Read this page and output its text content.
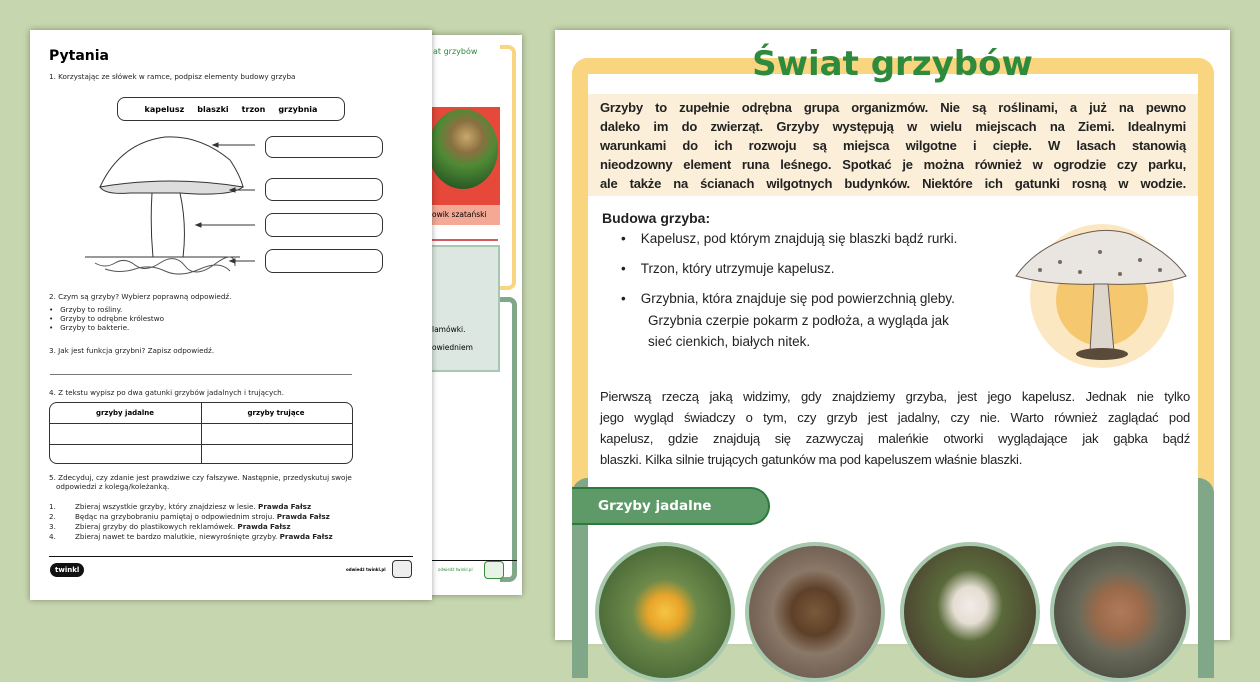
Pytania
1. Korzystając ze słówek w ramce, podpisz elementy budowy grzyba
kapelusz blaszki trzon grzybnia
2. Czym są grzyby? Wybierz poprawną odpowiedź.
•   Grzyby to rośliny.
•   Grzyby to odrębne królestwo
•   Grzyby to bakterie.
3. Jak jest funkcja grzybni? Zapisz odpowiedź.
4. Z tekstu wypisz po dwa gatunki grzybów jadalnych i trujących.
grzyby jadalne	grzyby trujące
5. Zdecyduj, czy zdanie jest prawdziwe czy fałszywe. Następnie, przedyskutuj swoje
odpowiedzi z kolegą/koleżanką.
1.	Zbieraj wszystkie grzyby, który znajdziesz w lesie. Prawda Fałsz
2.	Będąc na grzybobraniu pamiętaj o odpowiednim stroju. Prawda Fałsz
3.	Zbieraj grzyby do plastikowych reklamówek. Prawda Fałsz
4.	Zbieraj nawet te bardzo malutkie, niewyrośnięte grzyby. Prawda Fałsz
twinkl	odwiedź twinkl.pl
at grzybów
owik szatański
lamówki.
owiedniem
odwiedź twinkl.pl
Świat grzybów
Grzyby to zupełnie odrębna grupa organizmów. Nie są roślinami, a już na pewno
daleko im do zwierząt. Grzyby występują w wielu miejscach na Ziemi. Idealnymi
warunkami do ich rozwoju są miejsca wilgotne i ciepłe. W lasach stanowią
nieodzowny element runa leśnego. Spotkać je można również w ogrodzie czy parku,
ale także na ścianach wilgotnych budynków. Niektóre ich gatunki rosną w wodzie.
Budowa grzyba:
•    Kapelusz, pod którym znajdują się blaszki bądź rurki.
•    Trzon, który utrzymuje kapelusz.
•    Grzybnia, która znajduje się pod powierzchnią gleby.
Grzybnia czerpie pokarm z podłoża, a wygląda jak
sieć cienkich, białych nitek.
Pierwszą rzeczą jaką widzimy, gdy znajdziemy grzyba, jest jego kapelusz. Jednak nie tylko
jego wygląd świadczy o tym, czy grzyb jest jadalny, czy nie. Warto również zaglądać pod
kapelusz, gdzie znajdują się zazwyczaj maleńkie otworki wyglądające jak gąbka bądź
blaszki. Kilka silnie trujących gatunków ma pod kapeluszem właśnie blaszki.
Grzyby jadalne
